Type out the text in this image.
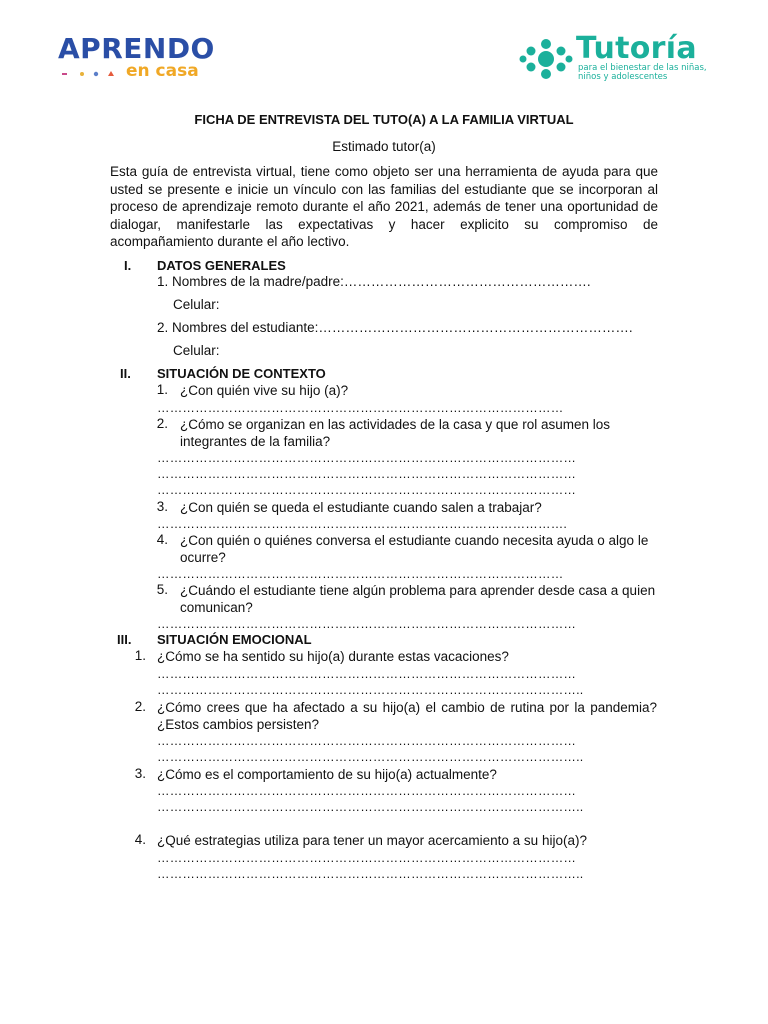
APRENDO
en casa
Tutoría
para el bienestar de las niñas, niños y adolescentes
FICHA DE ENTREVISTA DEL TUTO(A) A LA FAMILIA VIRTUAL
Estimado tutor(a)
Esta guía de entrevista virtual, tiene como objeto ser una herramienta de ayuda para que usted se presente e inicie un vínculo con las familias del estudiante que se incorporan al proceso de aprendizaje remoto durante el año 2021, además de tener una oportunidad de dialogar, manifestarle las expectativas y hacer explicito su compromiso de acompañamiento durante el año lectivo.
I. DATOS GENERALES
1. Nombres de la madre/padre:……………………………………………….
Celular:
2. Nombres del estudiante:…………………………………………………………….
Celular:
II. SITUACIÓN DE CONTEXTO
1. ¿Con quién vive su hijo (a)?
……………………………………………………………………………………
2. ¿Cómo se organizan en las actividades de la casa y que rol asumen los integrantes de la familia?
………………………………………………………………………………………
………………………………………………………………………………………
………………………………………………………………………………………
3. ¿Con quién se queda el estudiante cuando salen a trabajar?
…………………………………………………………………………………….
4. ¿Con quién o quiénes conversa el estudiante cuando necesita ayuda o algo le ocurre?
……………………………………………………………………………………
5. ¿Cuándo el estudiante tiene algún problema para aprender desde casa a quien comunican?
………………………………………………………………………………………
III. SITUACIÓN EMOCIONAL
1. ¿Cómo se ha sentido su hijo(a) durante estas vacaciones?
………………………………………………………………………………………
………………………………………………………………………………………..
2. ¿Cómo crees que ha afectado a su hijo(a) el cambio de rutina por la pandemia? ¿Estos cambios persisten?
………………………………………………………………………………………
………………………………………………………………………………………..
3. ¿Cómo es el comportamiento de su hijo(a) actualmente?
………………………………………………………………………………………
………………………………………………………………………………………..
4. ¿Qué estrategias utiliza para tener un mayor acercamiento a su hijo(a)?
………………………………………………………………………………………
………………………………………………………………………………………..
